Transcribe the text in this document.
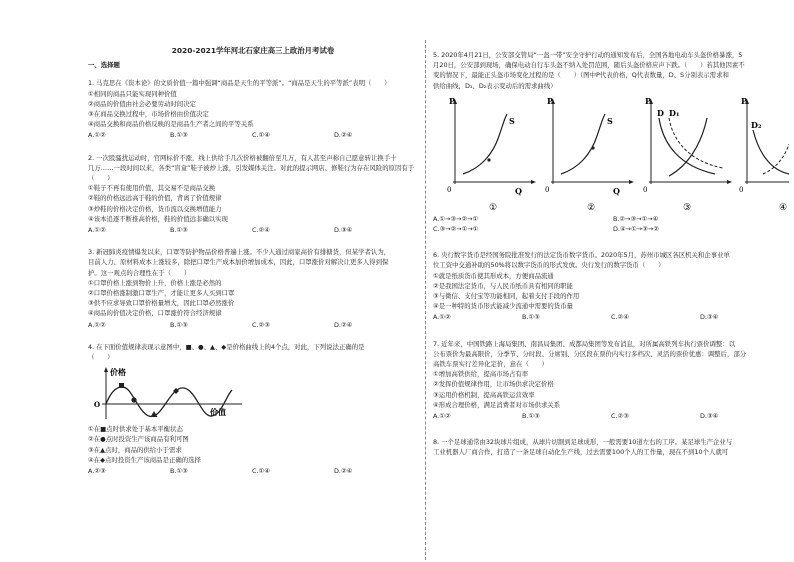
2020-2021学年河北石家庄高三上政治月考试卷
一、选择题
1. 马克思在《资本论》的文质价值一篇中强调“商品是天生的平等派”。“商品是天生的平等派”表明（　　）
①相同的商品只能实现同种价值
②商品的价值由社会必要劳动时间决定
③在商品交换过程中，市场价格由价值决定
④商品交换和商品价格反映的是商品生产者之间的平等关系
A.①②	B.①③	C.①④	D.②④
2. 一次股骚扰运动时，官网标价不涨，线上供给手几次价格被翻倍至几万，有人甚至声称自己愿意转让换手十
几万……一段时间以来，各类“盲盒”鞋子被炒上涨，引发媒体关注。对此的提示网店、修鞋行为存在风险的原因有于
（　　）
①鞋子不再有使用价值，其交易不是商品交换
②鞋的价格远远高于鞋的价值，背离了价值规律
③炒鞋的价格决定价格，货币流以交换增值能力
④该本追逐不断推高价格，鞋的价值远非确以实现
A.①②	B.①③	C.②④	D.③④
3. 新冠肺炎疫情爆发以来，口罩等防护物品价格普遍上涨。不少人通过商家高价有排搪货，但某学者认为，
目前人力、原材料成本上涨较多，除把口罩生产成本加价增加成本，因此，口罩涨价对解决让更多人得到保
护。这一观点的合理性在于（　　）
①口罩价格上涨到物价上升，价格上涨是必然的
②口罩价格涨制激口罩生产，才能让更多人买到口罩
③供不应求导致口罩价格量增大，因此口罩必然涨价
④商品的价值决定价格，口罩涨价符合经济规律
A.①②	B.①③	C.②③	D.②④
4. 在下面价值规律表现示意图中，■、●、▲、◆是价格曲线上的4个点，对此，下列说法正确的是
（　　）
价格
O
价值
①在■点时供求处于基本平衡状态
②在●点时投资生产该商品有利可图
③在▲点时，商品的供给小于需求
④在◆点时投资生产该商品是正确的选择
A.②③	B.①③	C.①④	D.②④
5. 2020年4月21日，公安部交管局“一盔一带”安全守护行动的通知发布后，全国各地电动车头盔价格暴涨，5
月20日，公安部到现场，确保电动自行车头盔不纳入处罚范围，随后头盔价格应声下跌。（　　）若其他因素不
变的情况下，最能正头盔市场变化过程的是（　　）（图中P代表价格，Q代表数量，D、S分别表示需求和
供给曲线，D₁、D₂表示变动后的需求曲线）
P
0	Q
S
①
P
0	Q
S
②
P
0
D D₁
③
P
0
D₂
④
A.①→③→②→①	B.②→③→①→④
C.③→②→①→①	D.④→①→③→②
6. 央行数字货币是经国务院批准发行的法定货币数字货币。2020年5月，苏州市城区各区机关和企事业单
位工资中交通补助的50%将以数字货币的形式发放。央行发行的数字货币（　　）
①就是纸质货币使其形成本，方便商品流通
②是我国法定货币，与人民币纸币具有相同的职能
③与微信、支付宝等功能相同，起着支付手段的作用
④是一种特的货币形式能减少流通中需要的货币量
A.①②	B.①③	C.②④	D.③④
7. 近年来，中国铁路上海局集团、南昌局集团、成都局集团等发布消息，对所属高铁列车执行票价调整：以
公布票价为最高限价，分季节、分时段、分席别、分区段在票价内实行多档次、灵活的票价优惠：调整后，部分
高铁车票实行差异化定价，意在（　　）
①增加高铁供给，提高市场占有率
②发挥价值规律作用，让市场供求决定价格
③运用价格机制，提高高铁运营效率
④形成合理价格，满足消费者对市场供求关系
A.①②	B.①③	C.②③	D.③④
8. 一个足球通常由32块球片组成，从球片切割到足球成形，一般需要10道左右的工序。某足球生产企业与
工业机器人厂商合作，打造了一条足球自动化生产线，过去需要100个人的工作量，现在不到10个人就可
